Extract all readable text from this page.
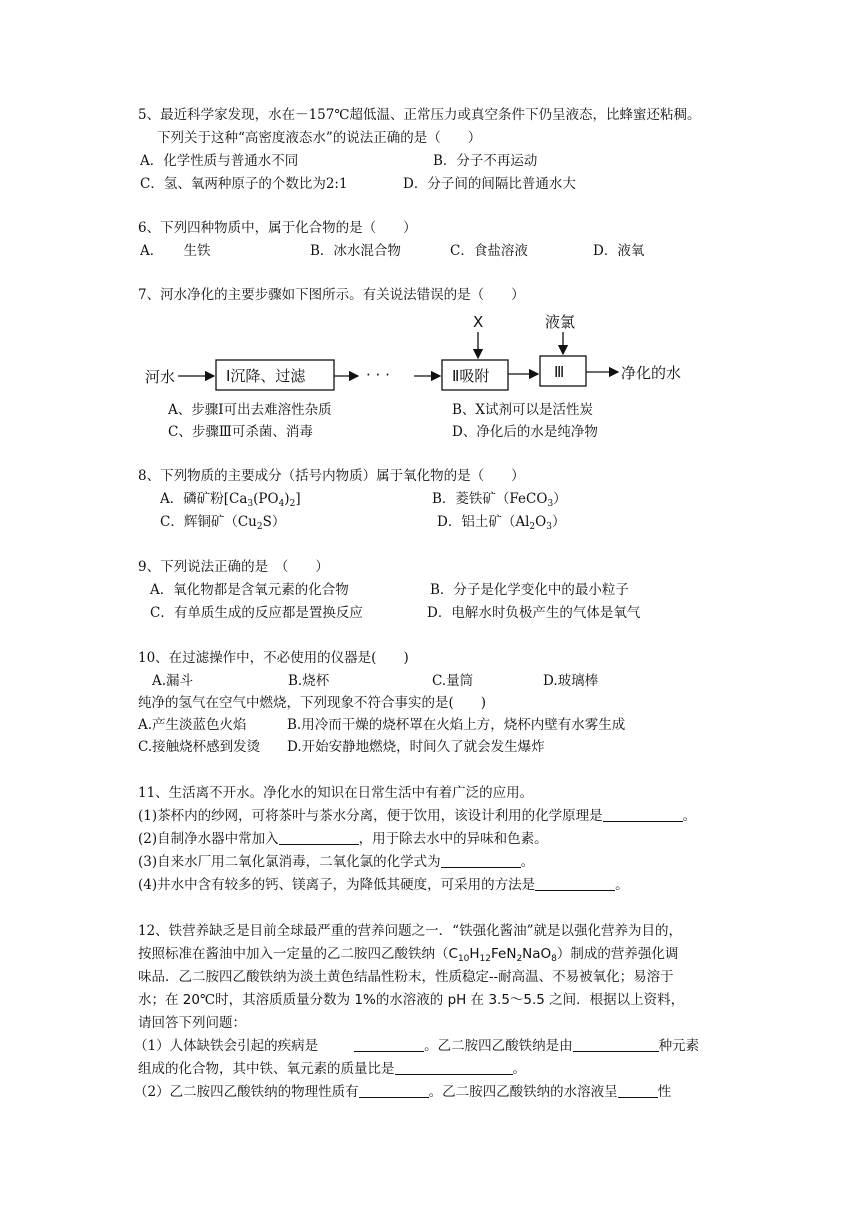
5、最近科学家发现，水在－157℃超低温、正常压力或真空条件下仍呈液态，比蜂蜜还粘稠。
下列关于这种“高密度液态水”的说法正确的是（　　）
A．化学性质与普通水不同	B．分子不再运动
C．氢、氧两种原子的个数比为2:1	D．分子间的间隔比普通水大
6、下列四种物质中，属于化合物的是（　　）
A．　　生铁	B．冰水混合物	C．食盐溶液	D．液氧
7、河水净化的主要步骤如下图所示。有关说法错误的是（　　）
河水	Ⅰ沉降、过滤	· · ·	Ⅱ吸附
X
Ⅲ
液氯
净化的水
A、步骤Ⅰ可出去难溶性杂质	B、X试剂可以是活性炭
C、步骤Ⅲ可杀菌、消毒	D、净化后的水是纯净物
8、下列物质的主要成分（括号内物质）属于氧化物的是（　　）
A．磷矿粉$[Ca_3(PO_4)_2]$	B．菱铁矿（FeCO$_3$）
C．辉铜矿$(Cu_2S)$	D．铝土矿$(Al_2O_3)$
9、下列说法正确的是　（　　）
A．氧化物都是含氧元素的化合物	B．分子是化学变化中的最小粒子
C．有单质生成的反应都是置换反应	D．电解水时负极产生的气体是氧气
10、在过滤操作中，不必使用的仪器是(　　)
A.漏斗	B.烧杯	C.量筒	D.玻璃棒
纯净的氢气在空气中燃烧，下列现象不符合事实的是(　　)
A.产生淡蓝色火焰	B.用冷而干燥的烧杯罩在火焰上方，烧杯内壁有水雾生成
C.接触烧杯感到发烫 D.开始安静地燃烧，时间久了就会发生爆炸
11、生活离不开水。净化水的知识在日常生活中有着广泛的应用。
(1)茶杯内的纱网，可将茶叶与茶水分离，便于饮用，该设计利用的化学原理是	。
(2)自制净水器中常加入	，用于除去水中的异味和色素。
(3)自来水厂用二氧化氯消毒，二氧化氯的化学式为	。
(4)井水中含有较多的钙、镁离子，为降低其硬度，可采用的方法是	。
12、铁营养缺乏是目前全球最严重的营养问题之一．“铁强化酱油”就是以强化营养为目的，
按照标准在酱油中加入一定量的乙二胺四乙酸铁纳$(C_{10}H_{12}FeN_2NaO_8)$制成的营养强化调
味品．乙二胺四乙酸铁纳为淡土黄色结晶性粉末，性质稳定--耐高温、不易被氧化；易溶于
水；在 20℃时，其溶质质量分数为 1%的水溶液的 pH 在 3.5～5.5 之间．根据以上资料，
请回答下列问题：
（1）人体缺铁会引起的疾病是	。乙二胺四乙酸铁纳是由	种元素
组成的化合物，其中铁、氧元素的质量比是	。
（2）乙二胺四乙酸铁纳的物理性质有	。乙二胺四乙酸铁纳的水溶液呈	性
